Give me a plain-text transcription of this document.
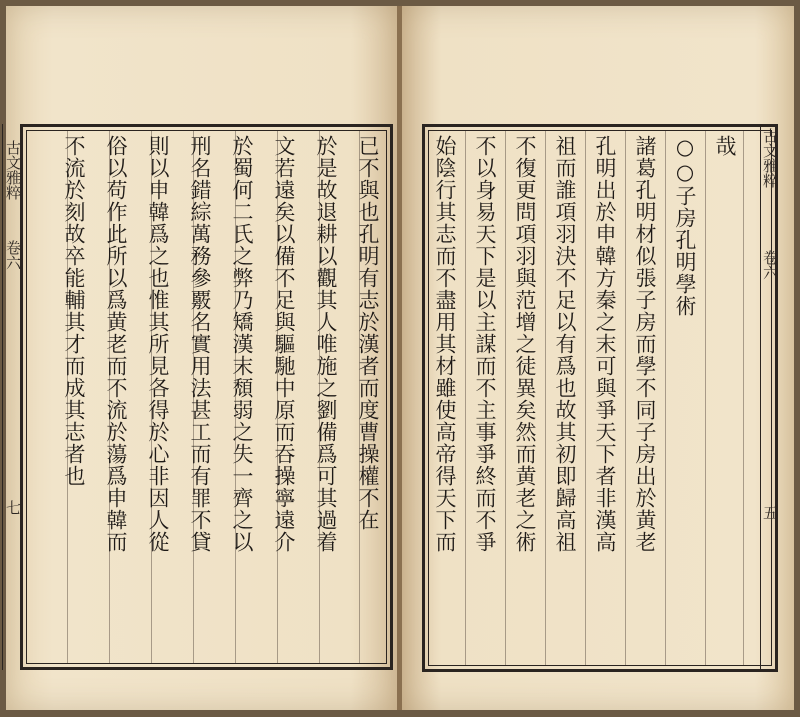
已不與也孔明有志於漢者而度曹操權不在
於是故退耕以觀其人唯施之劉備爲可其過着
文若遠矣以備不足與驅馳中原而吞操寧遠介
於蜀何二氏之弊乃矯漢末頹弱之失一齊之以
刑名錯綜萬務參覈名實用法甚工而有罪不貸
則以申韓爲之也惟其所見各得於心非因人從
俗以苟作此所以爲黄老而不流於蕩爲申韓而
不流於刻故卒能輔其才而成其志者也
古文雅粹
卷六
七	始陰行其志而不盡用其材雖使高帝得天下而 不以身易天下是以主謀而不主事爭終而不爭 不復更問項羽與范增之徒異矣然而黄老之術 祖而誰項羽決不足以有爲也故其初即歸高祖 孔明出於申韓方秦之末可與爭天下者非漢高 諸葛孔明材似張子房而學不同子房出於黄老 ○○子房孔明學術 哉 古文雅粹
卷六
五
